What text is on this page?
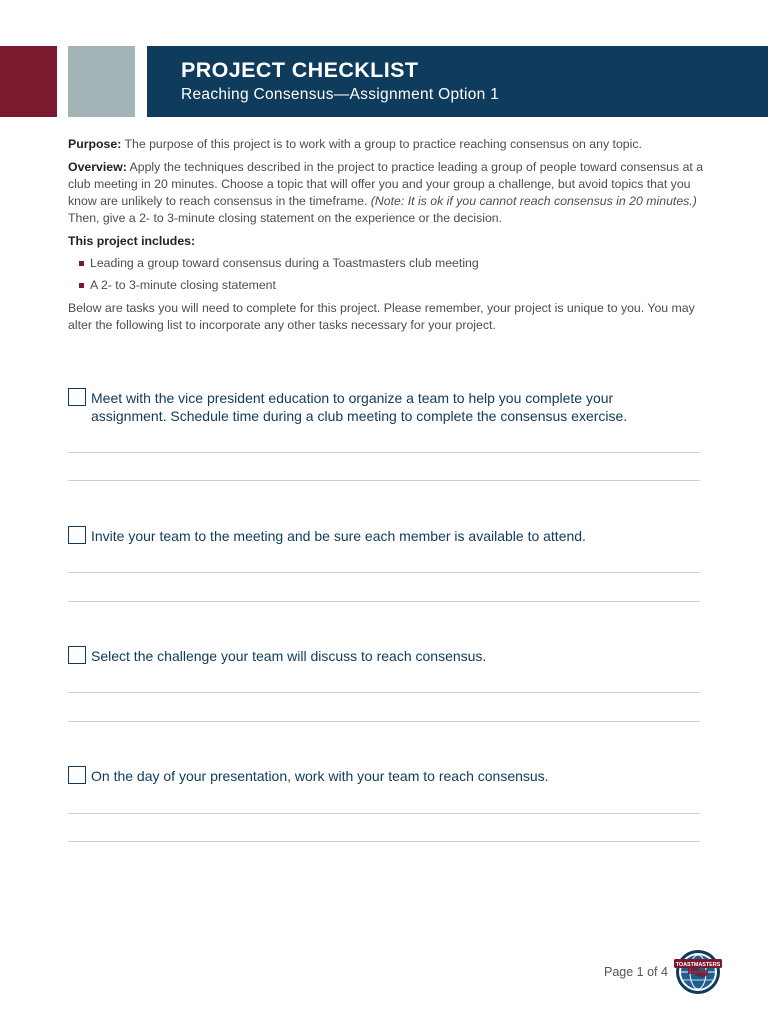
PROJECT CHECKLIST
Reaching Consensus—Assignment Option 1

Purpose: The purpose of this project is to work with a group to practice reaching consensus on any topic.

Overview: Apply the techniques described in the project to practice leading a group of people toward consensus at a club meeting in 20 minutes. Choose a topic that will offer you and your group a challenge, but avoid topics that you know are unlikely to reach consensus in the timeframe. (Note: It is ok if you cannot reach consensus in 20 minutes.) Then, give a 2- to 3-minute closing statement on the experience or the decision.

This project includes:

Leading a group toward consensus during a Toastmasters club meeting
A 2- to 3-minute closing statement

Below are tasks you will need to complete for this project. Please remember, your project is unique to you. You may alter the following list to incorporate any other tasks necessary for your project.

Meet with the vice president education to organize a team to help you complete your assignment. Schedule time during a club meeting to complete the consensus exercise.
Invite your team to the meeting and be sure each member is available to attend.
Select the challenge your team will discuss to reach consensus.
On the day of your presentation, work with your team to reach consensus.
Page 1 of 4 TOASTMASTERS
